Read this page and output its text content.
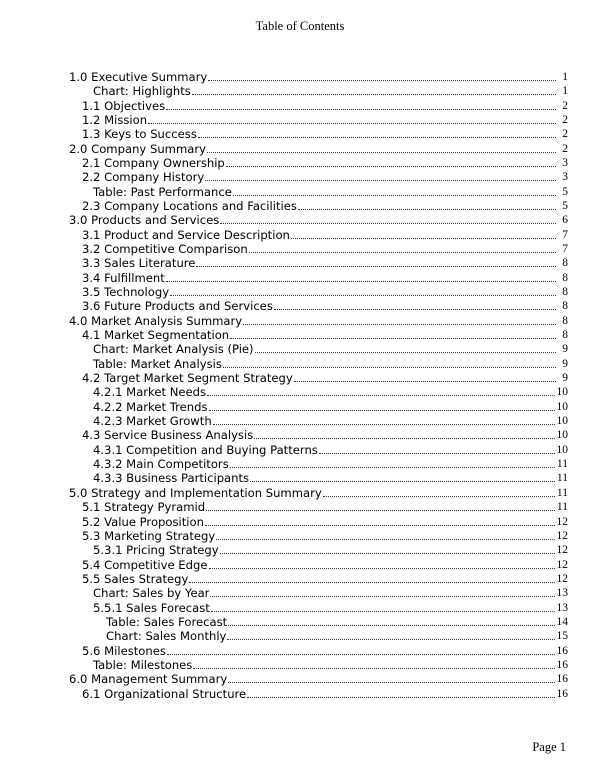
Table of Contents
1.0 Executive Summary	1
Chart: Highlights	1
1.1 Objectives	2
1.2 Mission	2
1.3 Keys to Success	2
2.0 Company Summary	2
2.1 Company Ownership	3
2.2 Company History	3
Table: Past Performance	5
2.3 Company Locations and Facilities	5
3.0 Products and Services	6
3.1 Product and Service Description	7
3.2 Competitive Comparison	7
3.3 Sales Literature	8
3.4 Fulfillment	8
3.5 Technology	8
3.6 Future Products and Services	8
4.0 Market Analysis Summary	8
4.1 Market Segmentation	8
Chart: Market Analysis (Pie)	9
Table: Market Analysis	9
4.2 Target Market Segment Strategy	9
4.2.1 Market Needs	10
4.2.2 Market Trends	10
4.2.3 Market Growth	10
4.3 Service Business Analysis	10
4.3.1 Competition and Buying Patterns	10
4.3.2 Main Competitors	11
4.3.3 Business Participants	11
5.0 Strategy and Implementation Summary	11
5.1 Strategy Pyramid	11
5.2 Value Proposition	12
5.3 Marketing Strategy	12
5.3.1 Pricing Strategy	12
5.4 Competitive Edge	12
5.5 Sales Strategy	12
Chart: Sales by Year	13
5.5.1 Sales Forecast	13
Table: Sales Forecast	14
Chart: Sales Monthly	15
5.6 Milestones	16
Table: Milestones	16
6.0 Management Summary	16
6.1 Organizational Structure	16
Page 1
